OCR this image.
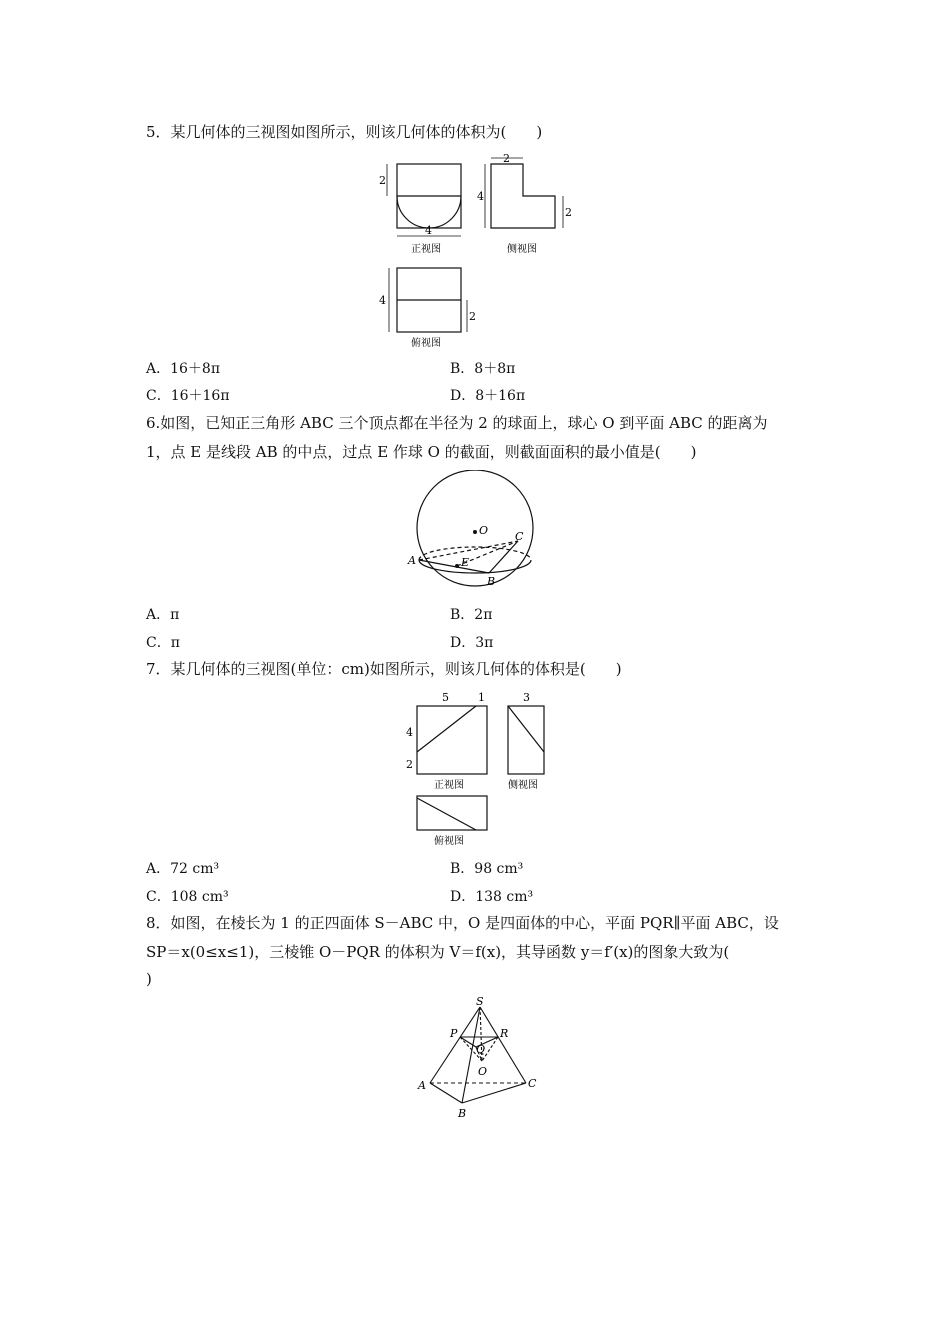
5．某几何体的三视图如图所示，则该几何体的体积为(　　)
2
4
正视图
2
4
2
侧视图
4
2
俯视图
A．16＋8π	B．8＋8π
C．16＋16π	D．8＋16π
6.如图，已知正三角形 ABC 三个顶点都在半径为 2 的球面上，球心 O 到平面 ABC 的距离为
1，点 E 是线段 AB 的中点，过点 E 作球 O 的截面，则截面面积的最小值是(　　)
O
A
C
E
B
A．π	B．2π
C．π	D．3π
7．某几何体的三视图(单位：cm)如图所示，则该几何体的体积是(　　)
5	1	3
4
2
正视图	侧视图
俯视图
A．72 cm³	B．98 cm³
C．108 cm³	D．138 cm³
8．如图，在棱长为 1 的正四面体 S－ABC 中，O 是四面体的中心，平面 PQR∥平面 ABC，设
SP＝x(0≤x≤1)，三棱锥 O－PQR 的体积为 V＝f(x)，其导函数 y＝f′(x)的图象大致为(
)
S
P	R
Q
O
A
B
C
